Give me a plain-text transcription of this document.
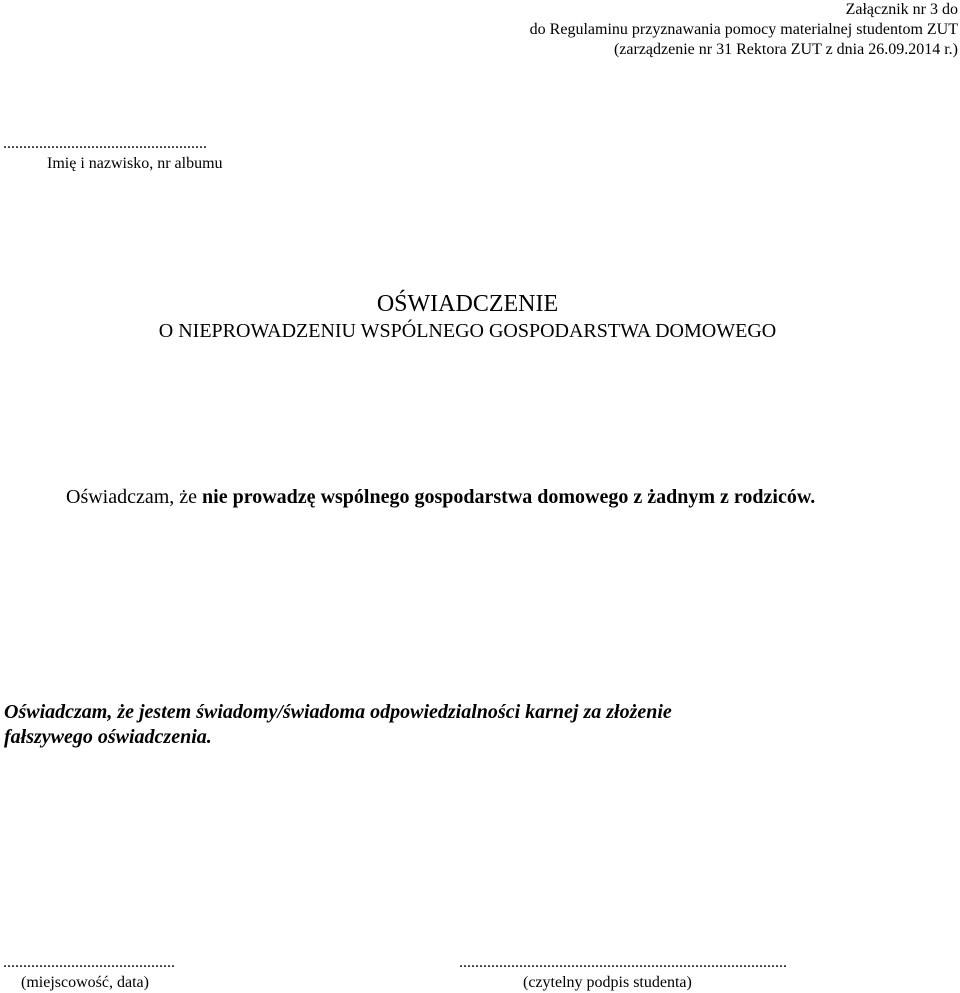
Załącznik nr 3 do
do Regulaminu przyznawania pomocy materialnej studentom ZUT
(zarządzenie nr 31 Rektora ZUT z dnia 26.09.2014 r.)
...................................................
Imię i nazwisko, nr albumu
OŚWIADCZENIE
O NIEPROWADZENIU WSPÓLNEGO GOSPODARSTWA DOMOWEGO
Oświadczam, że nie prowadzę wspólnego gospodarstwa domowego z żadnym z rodziców.
Oświadczam, że jestem świadomy/świadoma odpowiedzialności karnej za złożenie
fałszywego oświadczenia.
...........................................
(miejscowość, data)
..................................................................................
(czytelny podpis studenta)
